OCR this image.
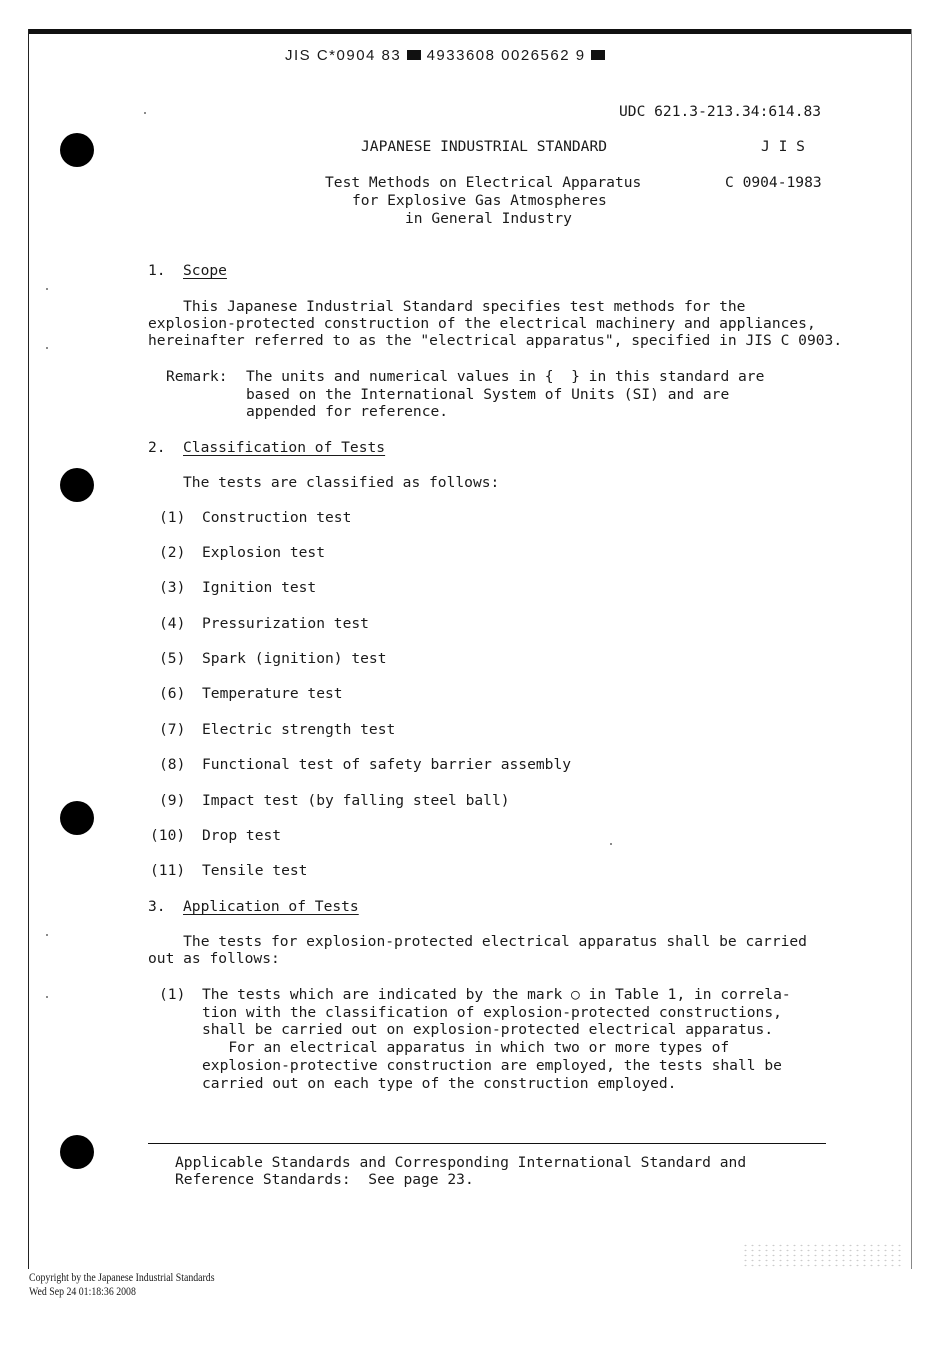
JIS C*0904 83 4933608 0026562 9
UDC 621.3-213.34:614.83
JAPANESE INDUSTRIAL STANDARD	J I S
Test Methods on Electrical Apparatus	C 0904-1983
for Explosive Gas Atmospheres
in General Industry
1. Scope
This Japanese Industrial Standard specifies test methods for the
explosion-protected construction of the electrical machinery and appliances,
hereinafter referred to as the "electrical apparatus", specified in JIS C 0903.
Remark: The units and numerical values in {  } in this standard are
based on the International System of Units (SI) and are
appended for reference.
2. Classification of Tests
The tests are classified as follows:
(1) Construction test
(2) Explosion test
(3) Ignition test
(4) Pressurization test
(5) Spark (ignition) test
(6) Temperature test
(7) Electric strength test
(8) Functional test of safety barrier assembly
(9) Impact test (by falling steel ball)
(10) Drop test
(11) Tensile test
3. Application of Tests
The tests for explosion-protected electrical apparatus shall be carried
out as follows:
(1) The tests which are indicated by the mark ○ in Table 1, in correla-
tion with the classification of explosion-protected constructions,
shall be carried out on explosion-protected electrical apparatus.
For an electrical apparatus in which two or more types of
explosion-protective construction are employed, the tests shall be
carried out on each type of the construction employed.
Applicable Standards and Corresponding International Standard and
Reference Standards:  See page 23.
Copyright by the Japanese Industrial Standards
Wed Sep 24 01:18:36 2008
